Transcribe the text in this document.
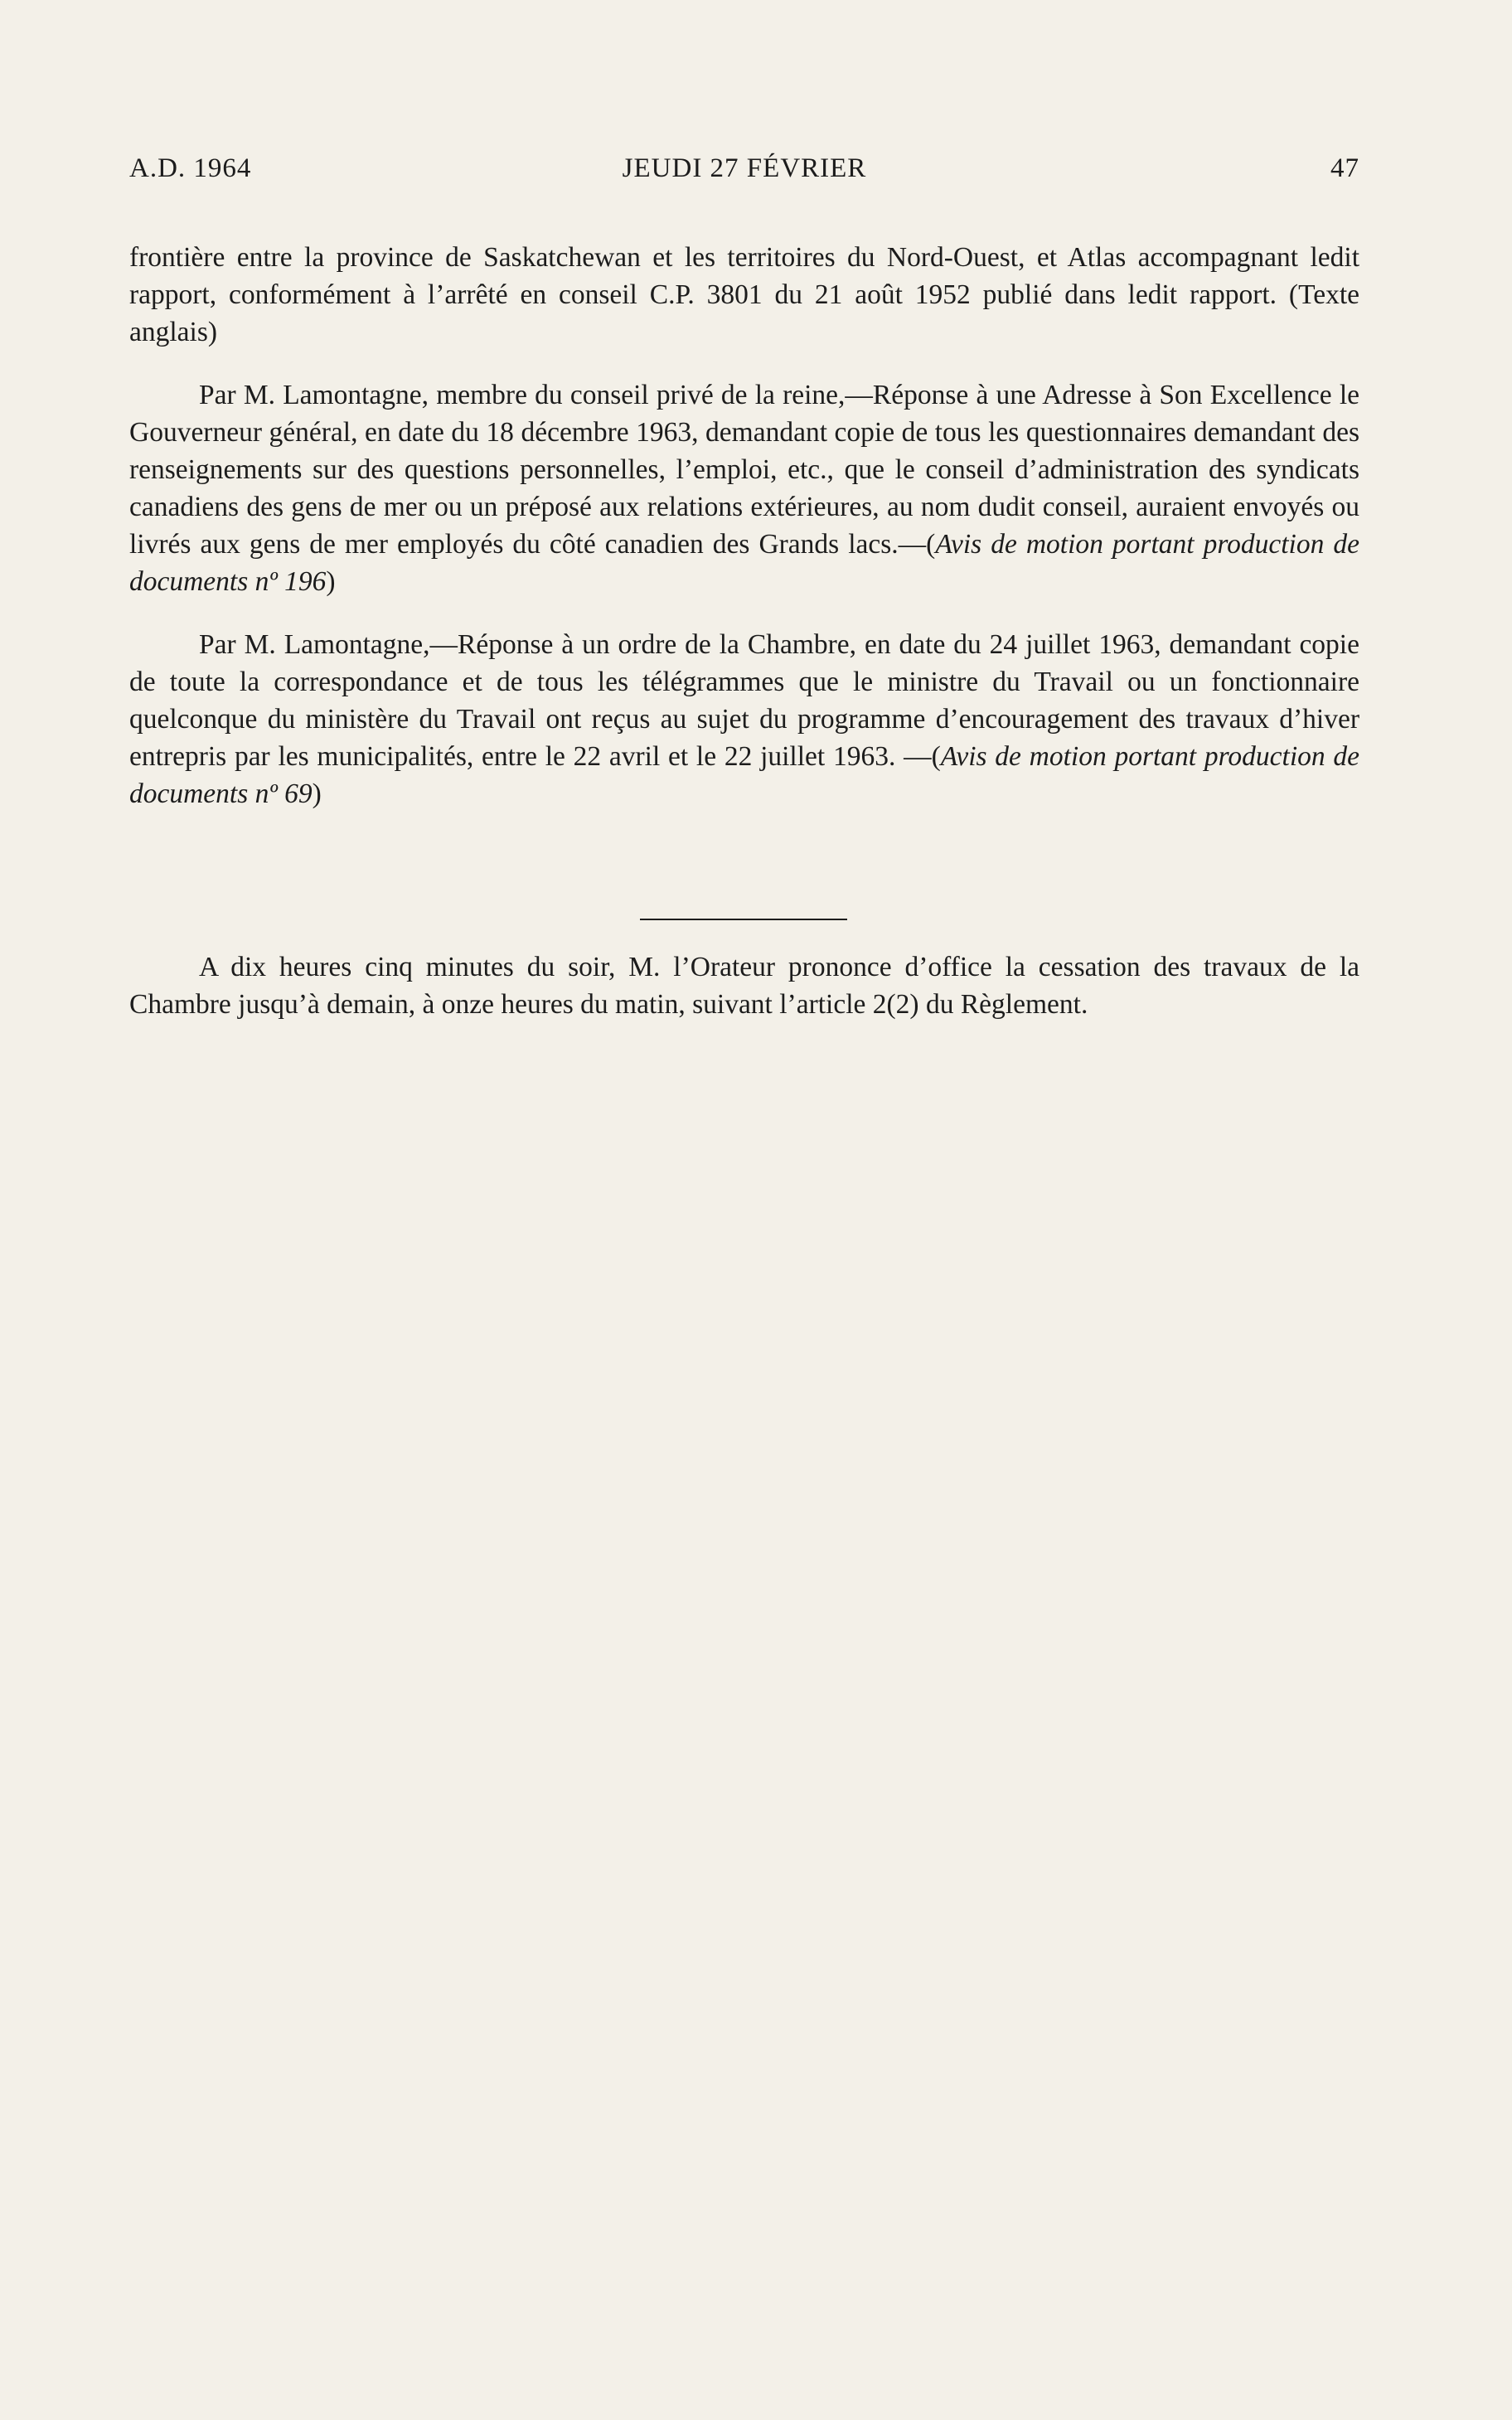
A.D. 1964	JEUDI 27 FÉVRIER	47

frontière entre la province de Saskatchewan et les territoires du Nord-Ouest, et Atlas accompagnant ledit rapport, conformément à l’arrêté en conseil C.P. 3801 du 21 août 1952 publié dans ledit rapport. (Texte anglais)

Par M. Lamontagne, membre du conseil privé de la reine,—Réponse à une Adresse à Son Excellence le Gouverneur général, en date du 18 décembre 1963, demandant copie de tous les questionnaires demandant des renseignements sur des questions personnelles, l’emploi, etc., que le conseil d’administration des syndicats canadiens des gens de mer ou un préposé aux relations extérieures, au nom dudit conseil, auraient envoyés ou livrés aux gens de mer employés du côté canadien des Grands lacs.—(Avis de motion portant production de documents nº 196)

Par M. Lamontagne,—Réponse à un ordre de la Chambre, en date du 24 juillet 1963, demandant copie de toute la correspondance et de tous les télégrammes que le ministre du Travail ou un fonctionnaire quelconque du ministère du Travail ont reçus au sujet du programme d’encouragement des travaux d’hiver entrepris par les municipalités, entre le 22 avril et le 22 juillet 1963. —(Avis de motion portant production de documents nº 69)

A dix heures cinq minutes du soir, M. l’Orateur prononce d’office la cessation des travaux de la Chambre jusqu’à demain, à onze heures du matin, suivant l’article 2(2) du Règlement.
